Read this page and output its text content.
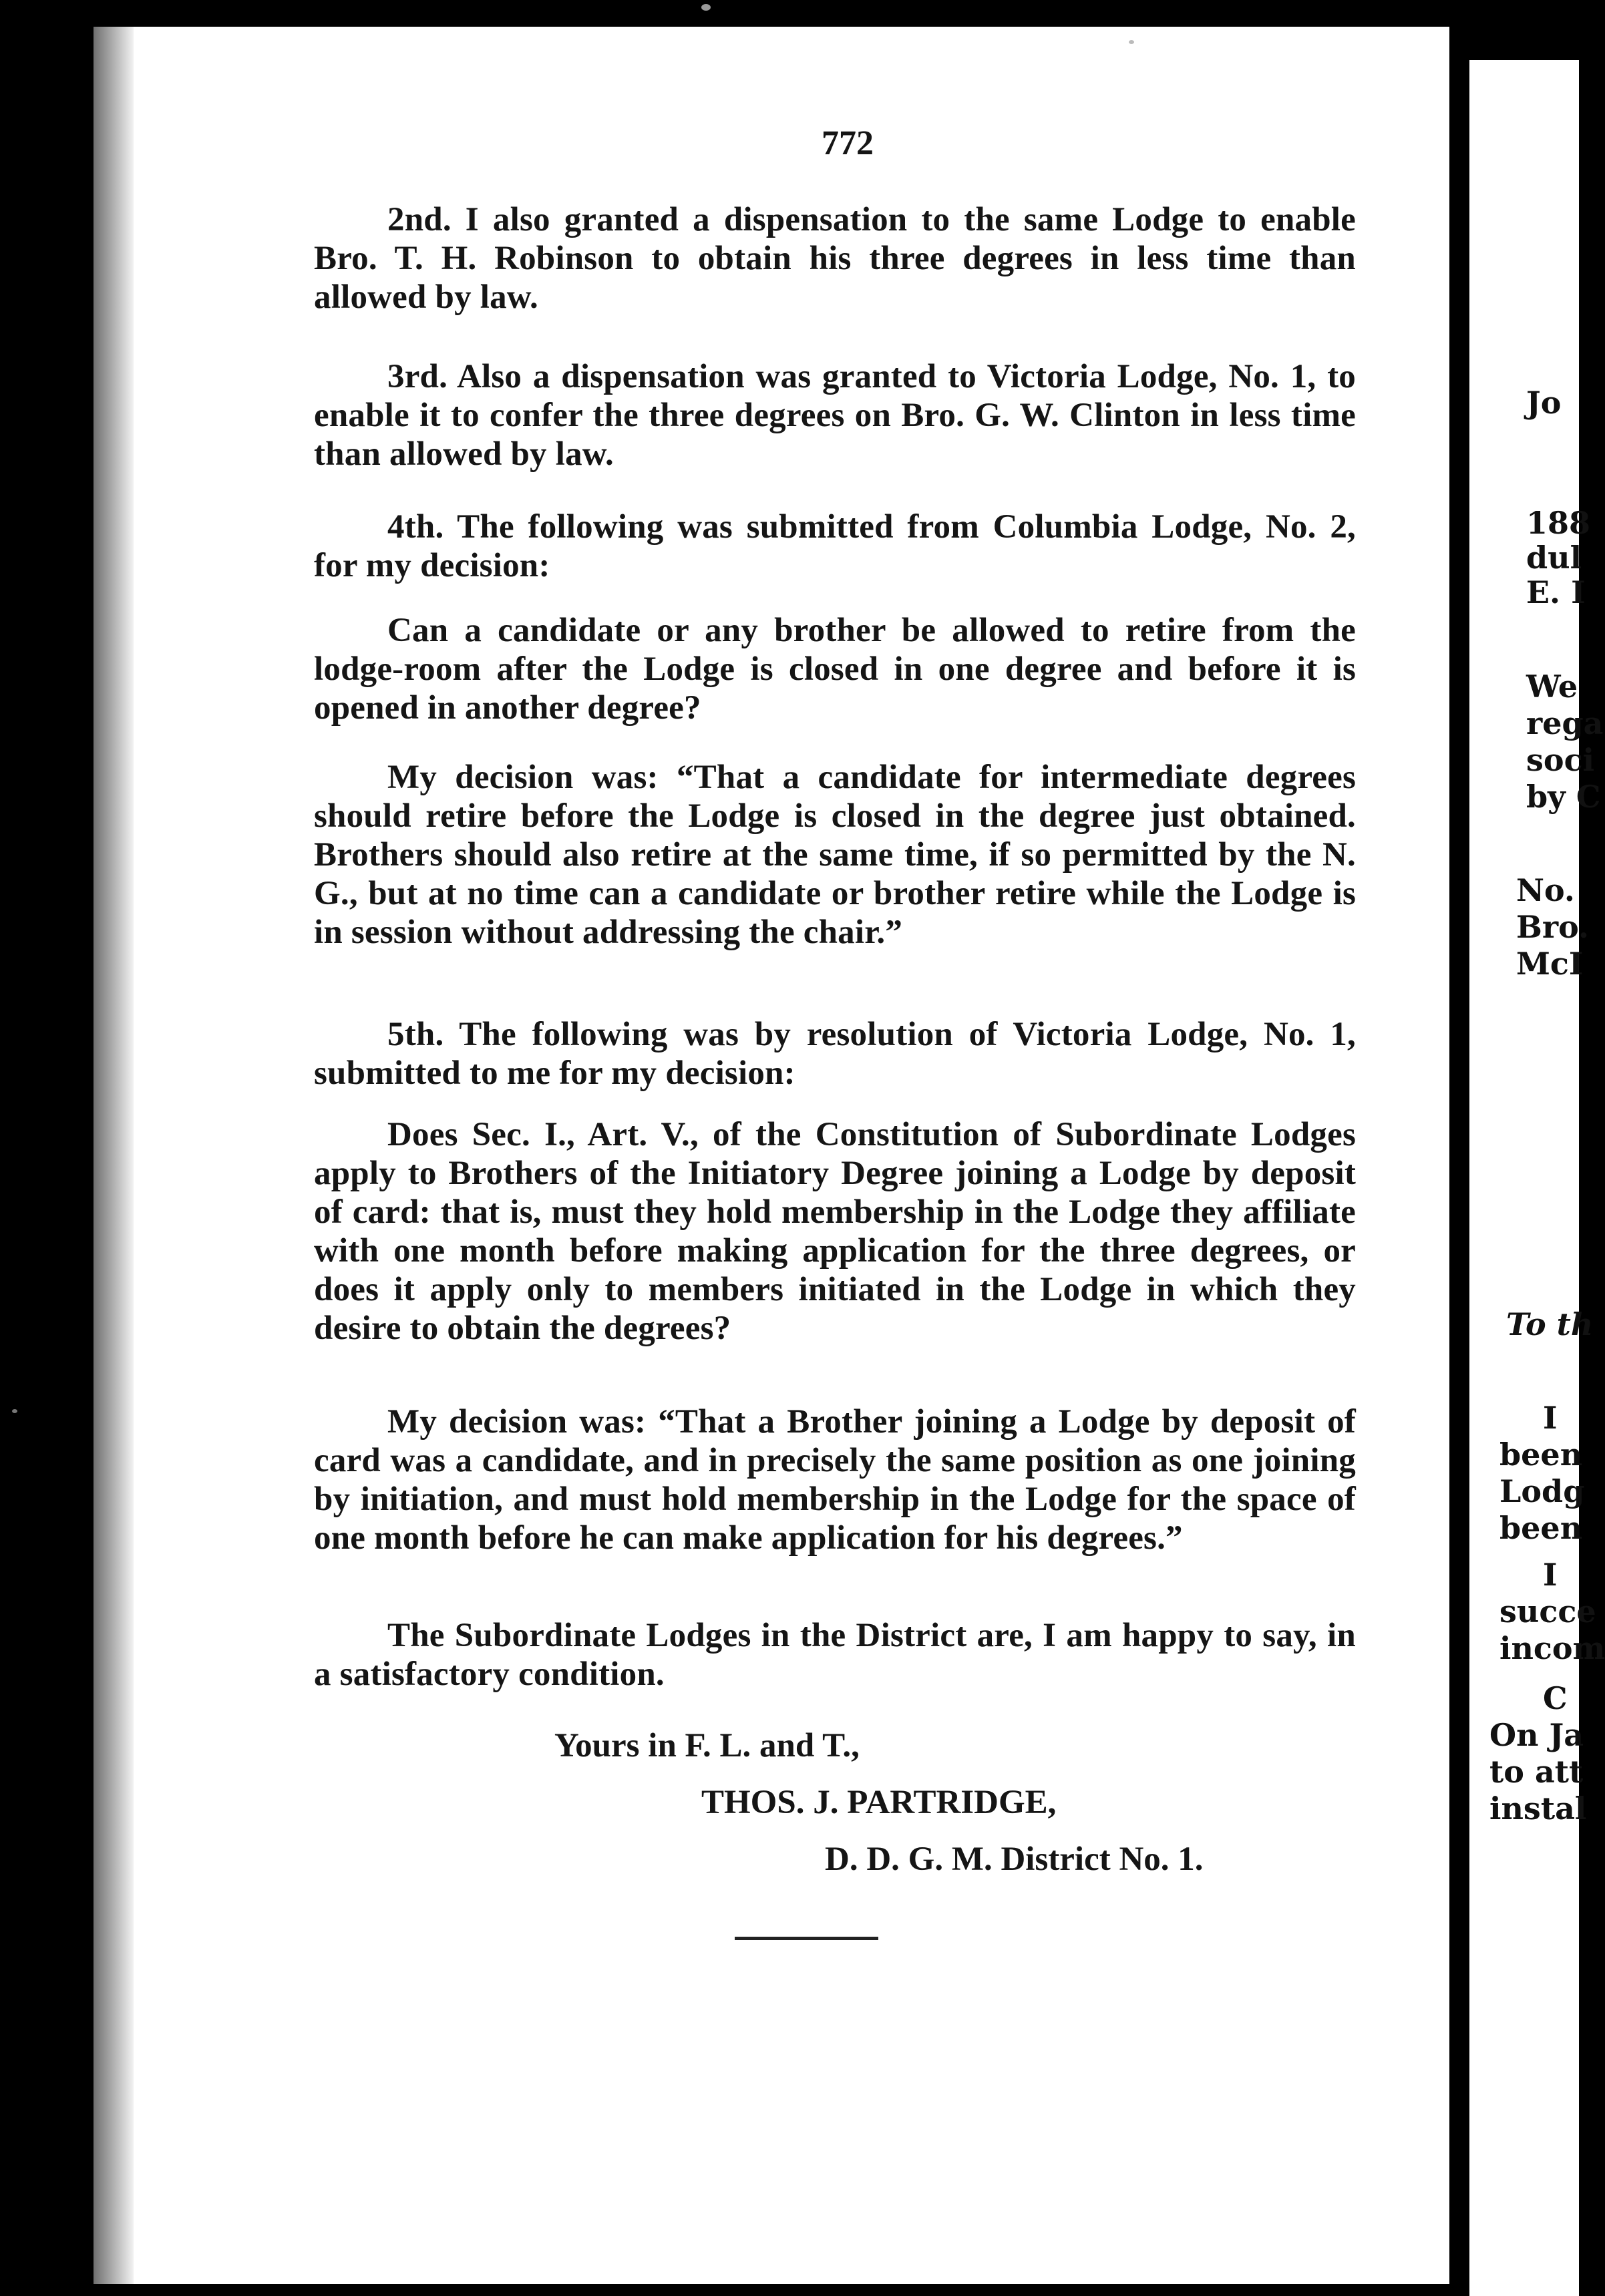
Jo
188
dul
E. I
We
rega
soci
by C
No.
Bro.
McI
To th
I
been
Lodg
been
I
succe
incom
C
On Ja
to att
instal
772

2nd. I also granted a dispensation to the same Lodge to enable Bro. T. H. Robinson to obtain his three degrees in less time than allowed by law.

3rd. Also a dispensation was granted to Victoria Lodge, No. 1, to enable it to confer the three degrees on Bro. G. W. Clinton in less time than allowed by law.

4th. The following was submitted from Columbia Lodge, No. 2, for my decision:

Can a candidate or any brother be allowed to retire from the lodge-room after the Lodge is closed in one degree and before it is opened in another degree?

My decision was: “That a candidate for intermediate degrees should retire before the Lodge is closed in the degree just obtained. Brothers should also retire at the same time, if so permitted by the N. G., but at no time can a candidate or brother retire while the Lodge is in session without addressing the chair.”

5th. The following was by resolution of Victoria Lodge, No. 1, submitted to me for my decision:

Does Sec. I., Art. V., of the Constitution of Subordinate Lodges apply to Brothers of the Initiatory Degree joining a Lodge by deposit of card: that is, must they hold membership in the Lodge they affiliate with one month before making application for the three degrees, or does it apply only to members initiated in the Lodge in which they desire to obtain the degrees?

My decision was: “That a Brother joining a Lodge by deposit of card was a candidate, and in precisely the same position as one joining by initiation, and must hold membership in the Lodge for the space of one month before he can make application for his degrees.”

The Subordinate Lodges in the District are, I am happy to say, in a satisfactory condition.

Yours in F. L. and T.,
THOS. J. PARTRIDGE,
D. D. G. M. District No. 1.
